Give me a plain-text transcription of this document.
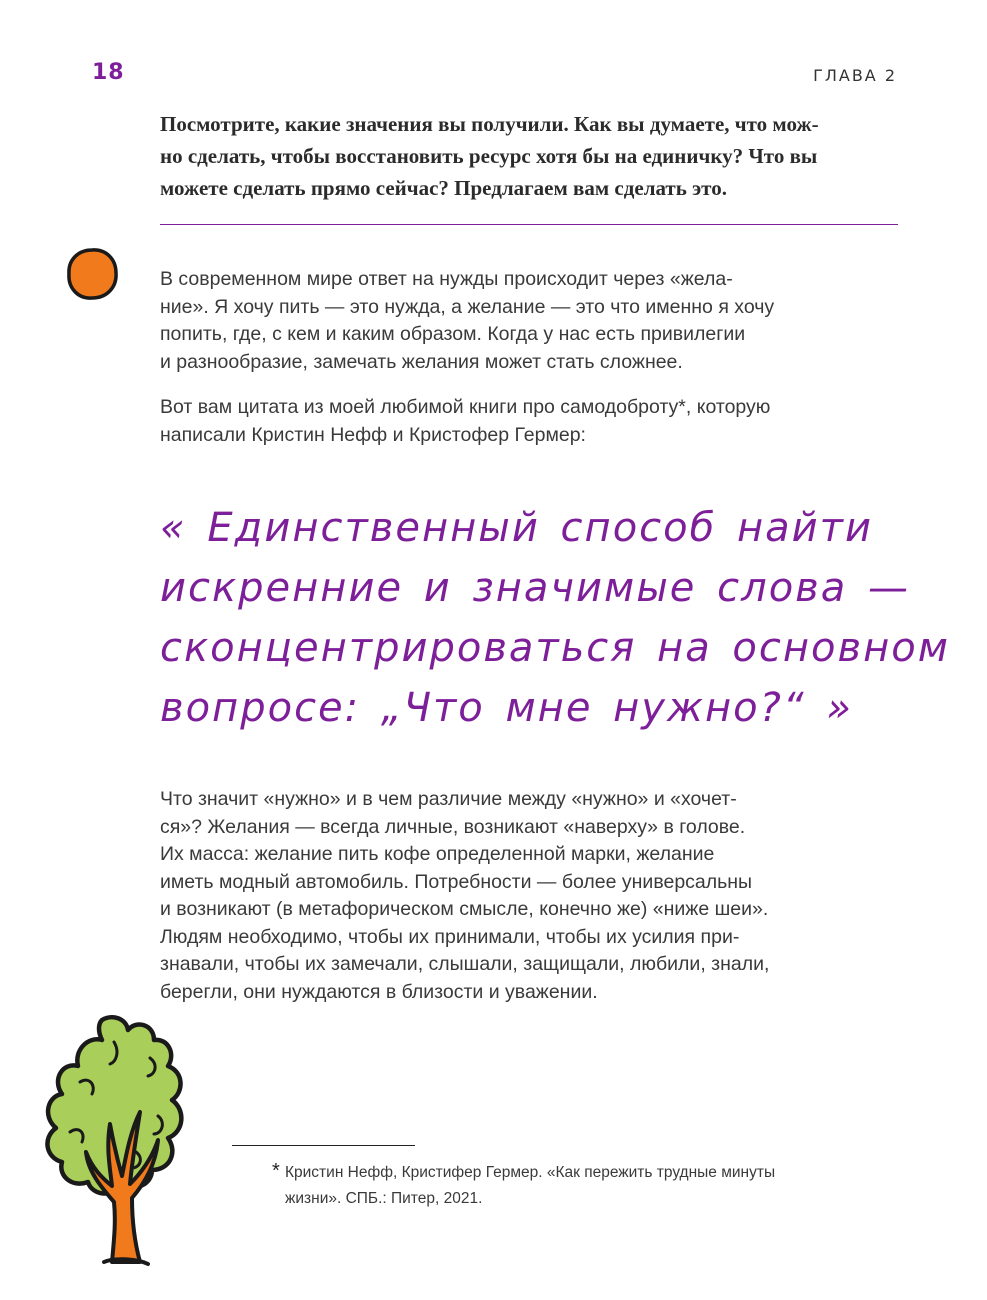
18	ГЛАВА 2

Посмотрите, какие значения вы получили. Как вы думаете, что мож-
но сделать, чтобы восстановить ресурс хотя бы на единичку? Что вы
можете сделать прямо сейчас? Предлагаем вам сделать это.

В современном мире ответ на нужды происходит через «жела-
ние». Я хочу пить — это нужда, а желание — это что именно я хочу
попить, где, с кем и каким образом. Когда у нас есть привилегии
и разнообразие, замечать желания может стать сложнее.

Вот вам цитата из моей любимой книги про самодоброту*, которую
написали Кристин Нефф и Кристофер Гермер:

« Единственный способ найти
искренние и значимые слова —
сконцентрироваться на основном
вопросе: „Что мне нужно?“ »

Что значит «нужно» и в чем различие между «нужно» и «хочет-
ся»? Желания — всегда личные, возникают «наверху» в голове.
Их масса: желание пить кофе определенной марки, желание
иметь модный автомобиль. Потребности — более универсальны
и возникают (в метафорическом смысле, конечно же) «ниже шеи».
Людям необходимо, чтобы их принимали, чтобы их усилия при-
знавали, чтобы их замечали, слышали, защищали, любили, знали,
берегли, они нуждаются в близости и уважении.

* Кристин Нефф, Кристифер Гермер. «Как пережить трудные минуты
жизни». СПБ.: Питер, 2021.
